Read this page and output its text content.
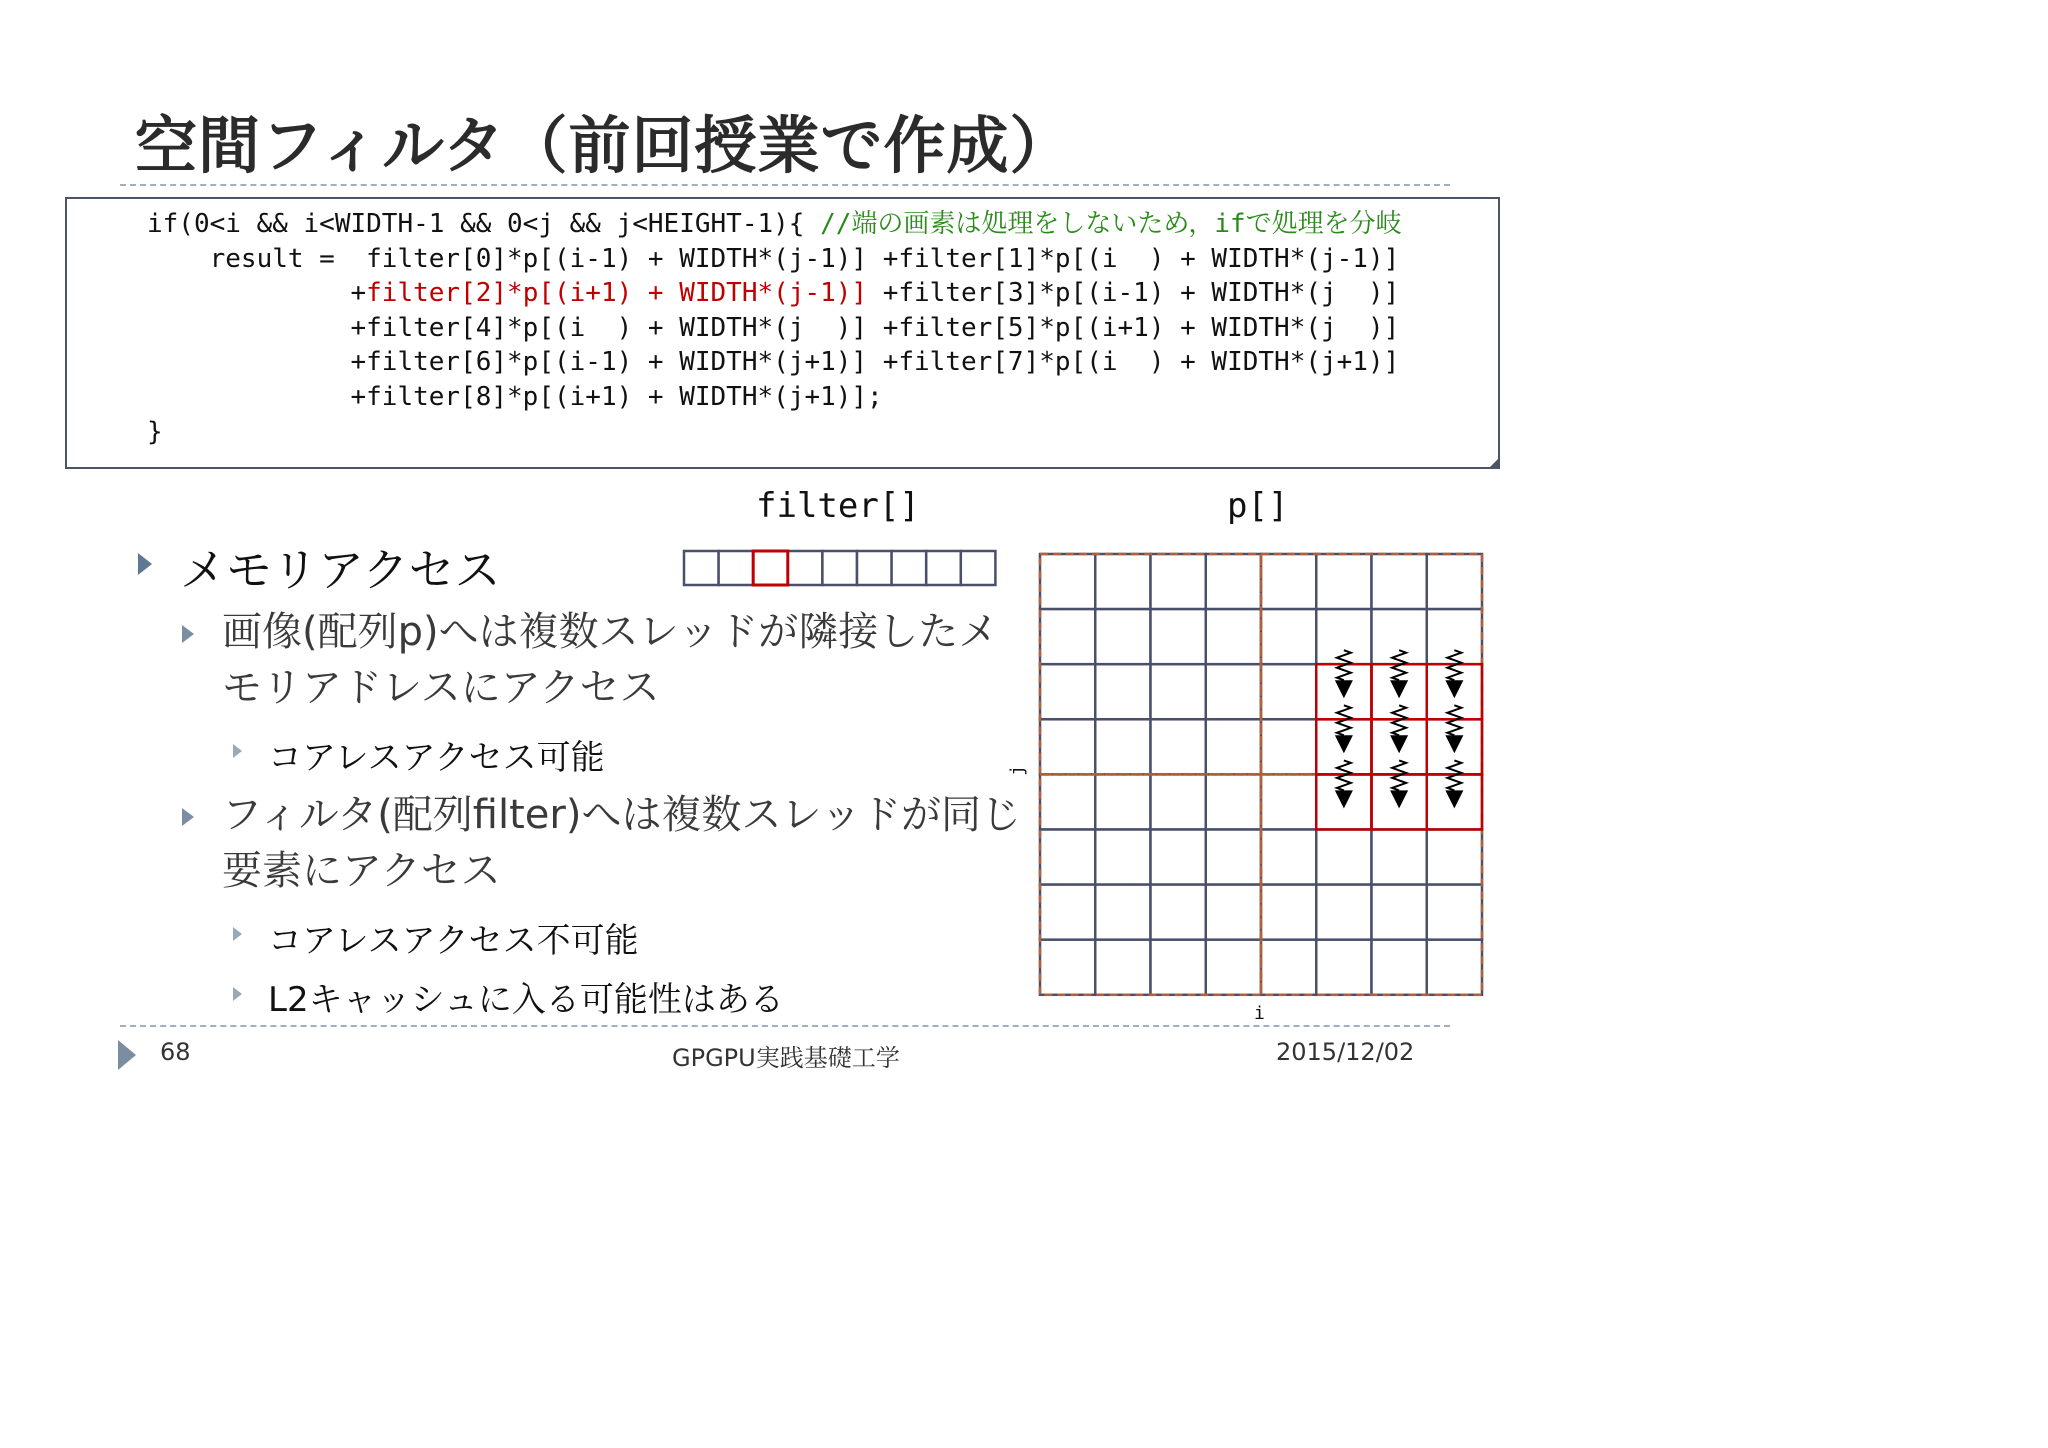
空間フィルタ（前回授業で作成）
if(0<i && i<WIDTH-1 && 0<j && j<HEIGHT-1){ //端の画素は処理をしないため，ifで処理を分岐
result =  filter[0]*p[(i-1) + WIDTH*(j-1)] +filter[1]*p[(i  ) + WIDTH*(j-1)]
+filter[2]*p[(i+1) + WIDTH*(j-1)] +filter[3]*p[(i-1) + WIDTH*(j  )]
+filter[4]*p[(i  ) + WIDTH*(j  )] +filter[5]*p[(i+1) + WIDTH*(j  )]
+filter[6]*p[(i-1) + WIDTH*(j+1)] +filter[7]*p[(i  ) + WIDTH*(j+1)]
+filter[8]*p[(i+1) + WIDTH*(j+1)];
}
メモリアクセス
画像(配列p)へは複数スレッドが隣接したメモリアドレスにアクセス
コアレスアクセス可能
フィルタ(配列filter)へは複数スレッドが同じ要素にアクセス
コアレスアクセス不可能
L2キャッシュに入る可能性はある
filter[]	p[]
i
j
68	GPGPU実践基礎工学	2015/12/02
